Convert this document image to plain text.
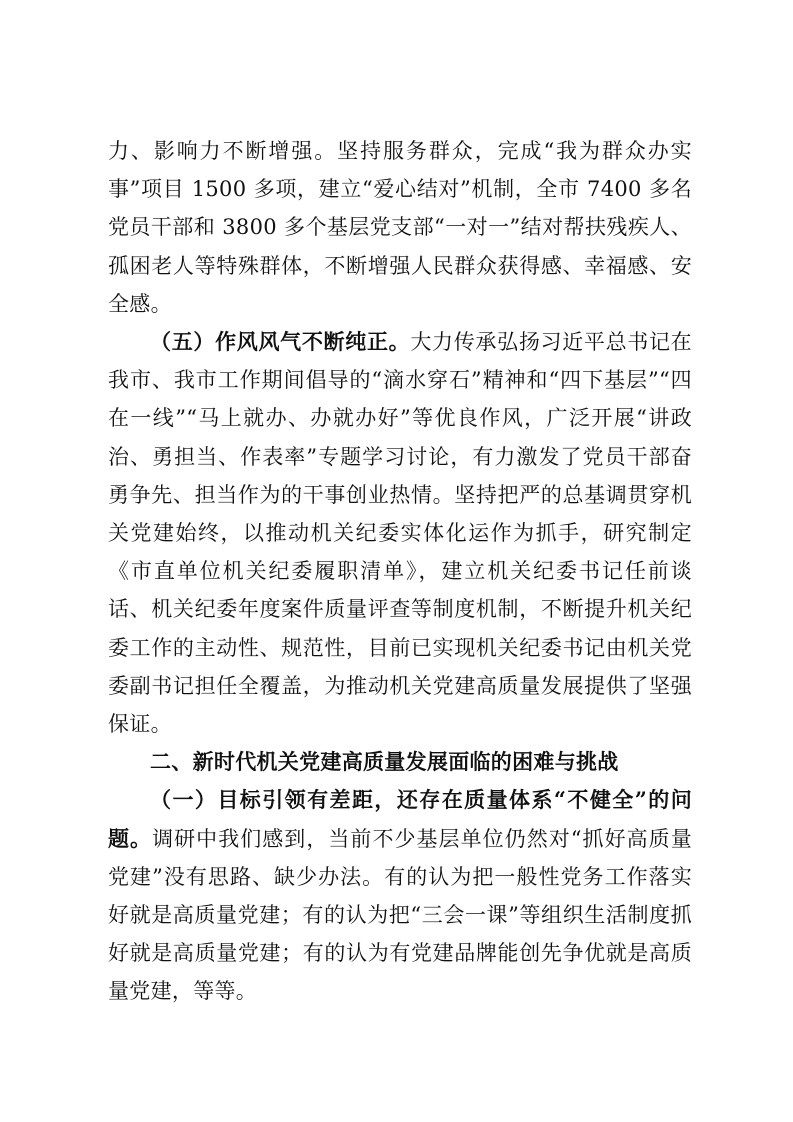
力、影响力不断增强。坚持服务群众，完成“我为群众办实事”项目 1500 多项，建立“爱心结对”机制，全市 7400 多名党员干部和 3800 多个基层党支部“一对一”结对帮扶残疾人、孤困老人等特殊群体，不断增强人民群众获得感、幸福感、安全感。

（五）作风风气不断纯正。大力传承弘扬习近平总书记在我市、我市工作期间倡导的“滴水穿石”精神和“四下基层”“四在一线”“马上就办、办就办好”等优良作风，广泛开展“讲政治、勇担当、作表率”专题学习讨论，有力激发了党员干部奋勇争先、担当作为的干事创业热情。坚持把严的总基调贯穿机关党建始终，以推动机关纪委实体化运作为抓手，研究制定《市直单位机关纪委履职清单》，建立机关纪委书记任前谈话、机关纪委年度案件质量评查等制度机制，不断提升机关纪委工作的主动性、规范性，目前已实现机关纪委书记由机关党委副书记担任全覆盖，为推动机关党建高质量发展提供了坚强保证。

二、新时代机关党建高质量发展面临的困难与挑战

（一）目标引领有差距，还存在质量体系“不健全”的问题。调研中我们感到，当前不少基层单位仍然对“抓好高质量党建”没有思路、缺少办法。有的认为把一般性党务工作落实好就是高质量党建；有的认为把“三会一课”等组织生活制度抓好就是高质量党建；有的认为有党建品牌能创先争优就是高质量党建，等等。
